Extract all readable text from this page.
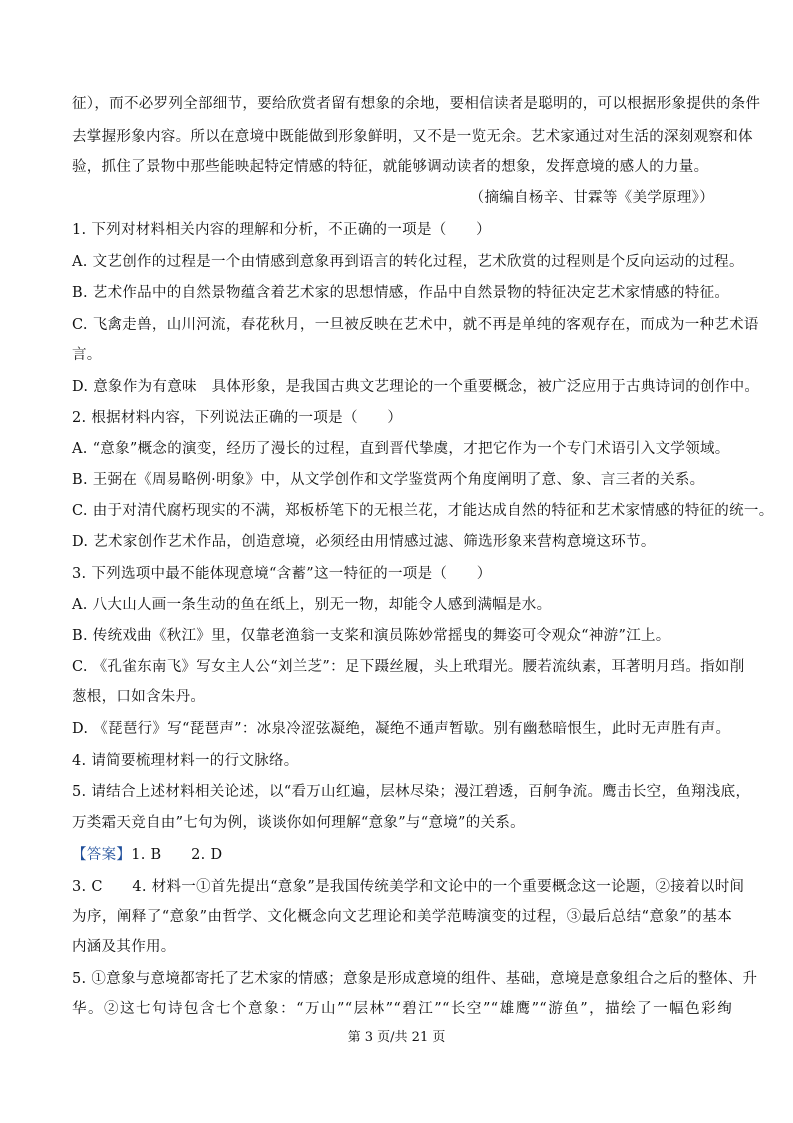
征），而不必罗列全部细节，要给欣赏者留有想象的余地，要相信读者是聪明的，可以根据形象提供的条件
去掌握形象内容。所以在意境中既能做到形象鲜明，又不是一览无余。艺术家通过对生活的深刻观察和体
验，抓住了景物中那些能映起特定情感的特征，就能够调动读者的想象，发挥意境的感人的力量。
（摘编自杨辛、甘霖等《美学原理》）
1. 下列对材料相关内容的理解和分析，不正确的一项是（　　）
A. 文艺创作的过程是一个由情感到意象再到语言的转化过程，艺术欣赏的过程则是个反向运动的过程。
B. 艺术作品中的自然景物蕴含着艺术家的思想情感，作品中自然景物的特征决定艺术家情感的特征。
C. 飞禽走兽，山川河流，春花秋月，一旦被反映在艺术中，就不再是单纯的客观存在，而成为一种艺术语
言。
D. 意象作为有意味　具体形象，是我国古典文艺理论的一个重要概念，被广泛应用于古典诗词的创作中。
2. 根据材料内容，下列说法正确的一项是（　　）
A. “意象”概念的演变，经历了漫长的过程，直到晋代挚虞，才把它作为一个专门术语引入文学领域。
B. 王弼在《周易略例·明象》中，从文学创作和文学鉴赏两个角度阐明了意、象、言三者的关系。
C. 由于对清代腐朽现实的不满，郑板桥笔下的无根兰花，才能达成自然的特征和艺术家情感的特征的统一。
D. 艺术家创作艺术作品，创造意境，必须经由用情感过滤、筛选形象来营构意境这环节。
3. 下列选项中最不能体现意境“含蓄”这一特征的一项是（　　）
A. 八大山人画一条生动的鱼在纸上，别无一物，却能令人感到满幅是水。
B. 传统戏曲《秋江》里，仅靠老渔翁一支桨和演员陈妙常摇曳的舞姿可令观众“神游”江上。
C. 《孔雀东南飞》写女主人公“刘兰芝”：足下蹑丝履，头上玳瑁光。腰若流纨素，耳著明月珰。指如削
葱根，口如含朱丹。
D. 《琵琶行》写“琵琶声”：冰泉冷涩弦凝绝，凝绝不通声暂歇。别有幽愁暗恨生，此时无声胜有声。
4. 请简要梳理材料一的行文脉络。
5. 请结合上述材料相关论述，以“看万山红遍，层林尽染；漫江碧透，百舸争流。鹰击长空，鱼翔浅底，
万类霜天竞自由”七句为例，谈谈你如何理解“意象”与“意境”的关系。
【答案】1. B　　2. D
3. C　　4. 材料一①首先提出“意象”是我国传统美学和文论中的一个重要概念这一论题，②接着以时间
为序，阐释了“意象”由哲学、文化概念向文艺理论和美学范畴演变的过程，③最后总结“意象”的基本
内涵及其作用。
5. ①意象与意境都寄托了艺术家的情感；意象是形成意境的组件、基础，意境是意象组合之后的整体、升
华。②这七句诗包含七个意象：“万山”“层林”“碧江”“长空”“雄鹰”“游鱼”，描绘了一幅色彩绚
第 3 页/共 21 页
